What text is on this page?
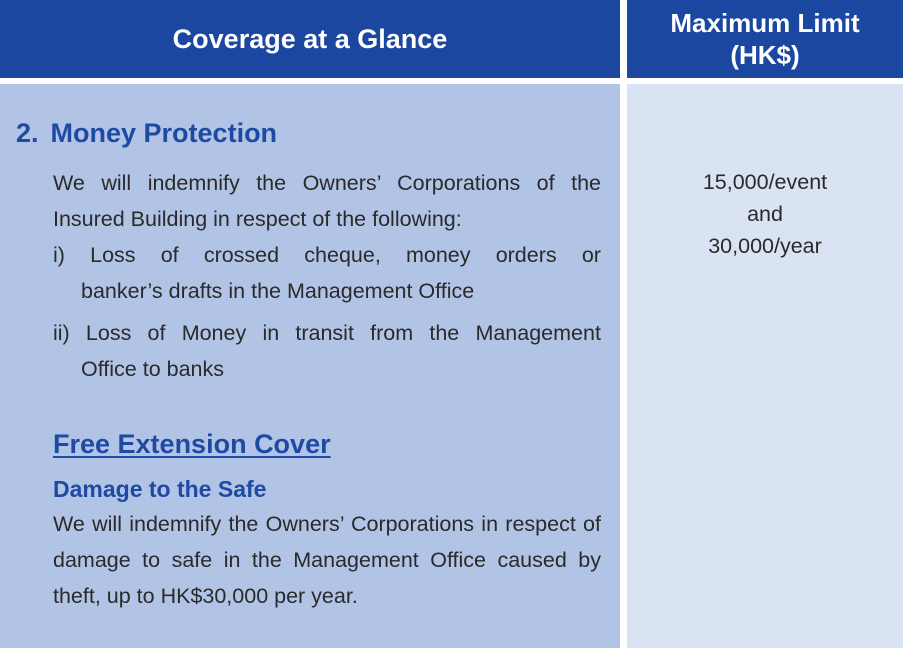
Coverage at a Glance
Maximum Limit
(HK$)
2. Money Protection

We will indemnify the Owners’ Corporations of the Insured Building in respect of the following:

i) Loss of crossed cheque, money orders or
banker’s drafts in the Management Office
ii) Loss of Money in transit from the Management
Office to banks
Free Extension Cover
Damage to the Safe

We will indemnify the Owners’ Corporations in respect of damage to safe in the Management Office caused by theft, up to HK$30,000 per year.

15,000/event
and
30,000/year
